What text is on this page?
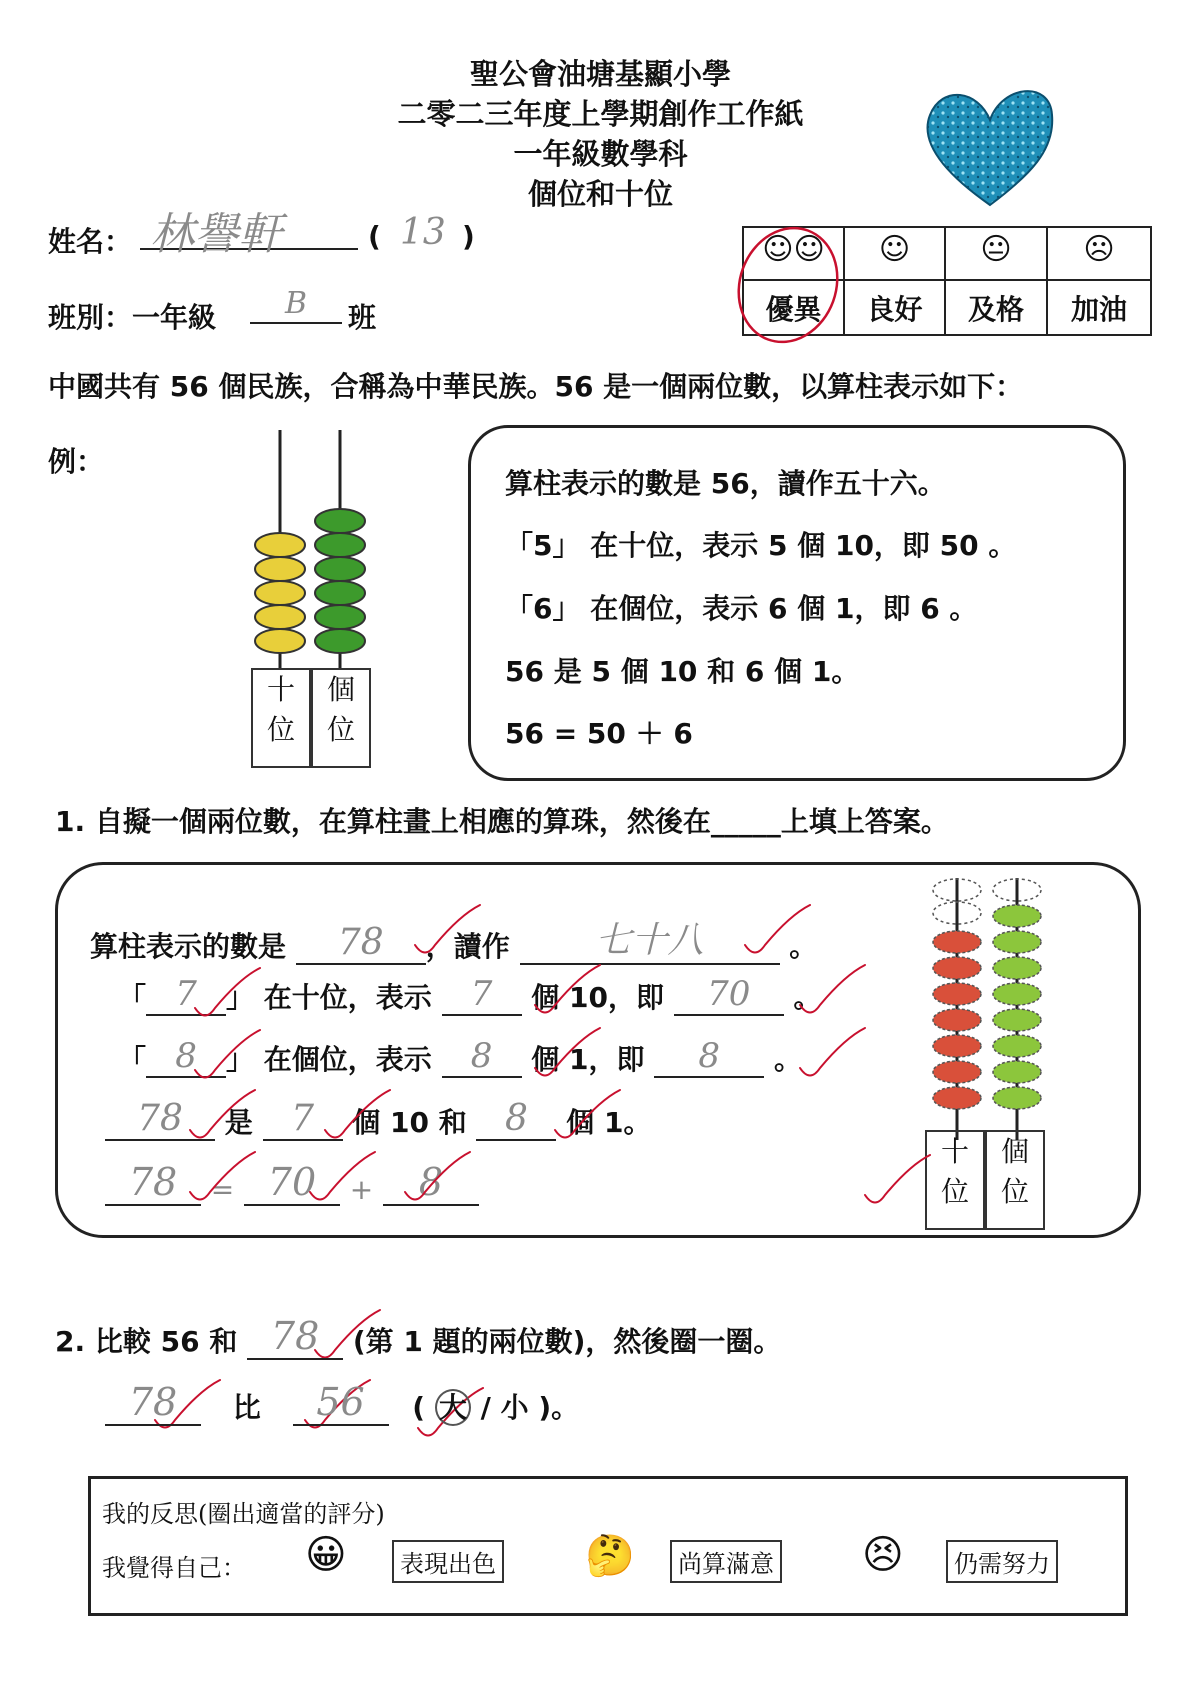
聖公會油塘基顯小學
二零二三年度上學期創作工作紙
一年級數學科
個位和十位
姓名： 林譽軒	( 13 )
班別：一年級	B	班
☺☺	☺	😐	☹
優異	良好	及格	加油
中國共有 56 個民族，合稱為中華民族。56 是一個兩位數，以算柱表示如下：
例：
十
位
個
位
算柱表示的數是 56，讀作五十六。
「5」 在十位，表示 5 個 10，即 50 。
「6」 在個位，表示 6 個 1，即 6 。
56 是 5 個 10 和 6 個 1。
56 = 50 ＋ 6
1. 自擬一個兩位數，在算柱畫上相應的算珠，然後在_____上填上答案。
算柱表示的數是 78 ，讀作 七十八	。
「 7 」 在十位，表示 7 個 10，即 70 。
「 8 」 在個位，表示 8 個 1，即 8 。
78 是 7 個 10 和 8 個 1。
78 = 70 + 8
十
位
個
位
2. 比較 56 和 78 (第 1 題的兩位數)，然後圈一圈。
78 比 56 ( 大 / 小 )。
我的反思(圈出適當的評分)
我覺得自己： 😀	表現出色 🤔	尚算滿意 😣	仍需努力
